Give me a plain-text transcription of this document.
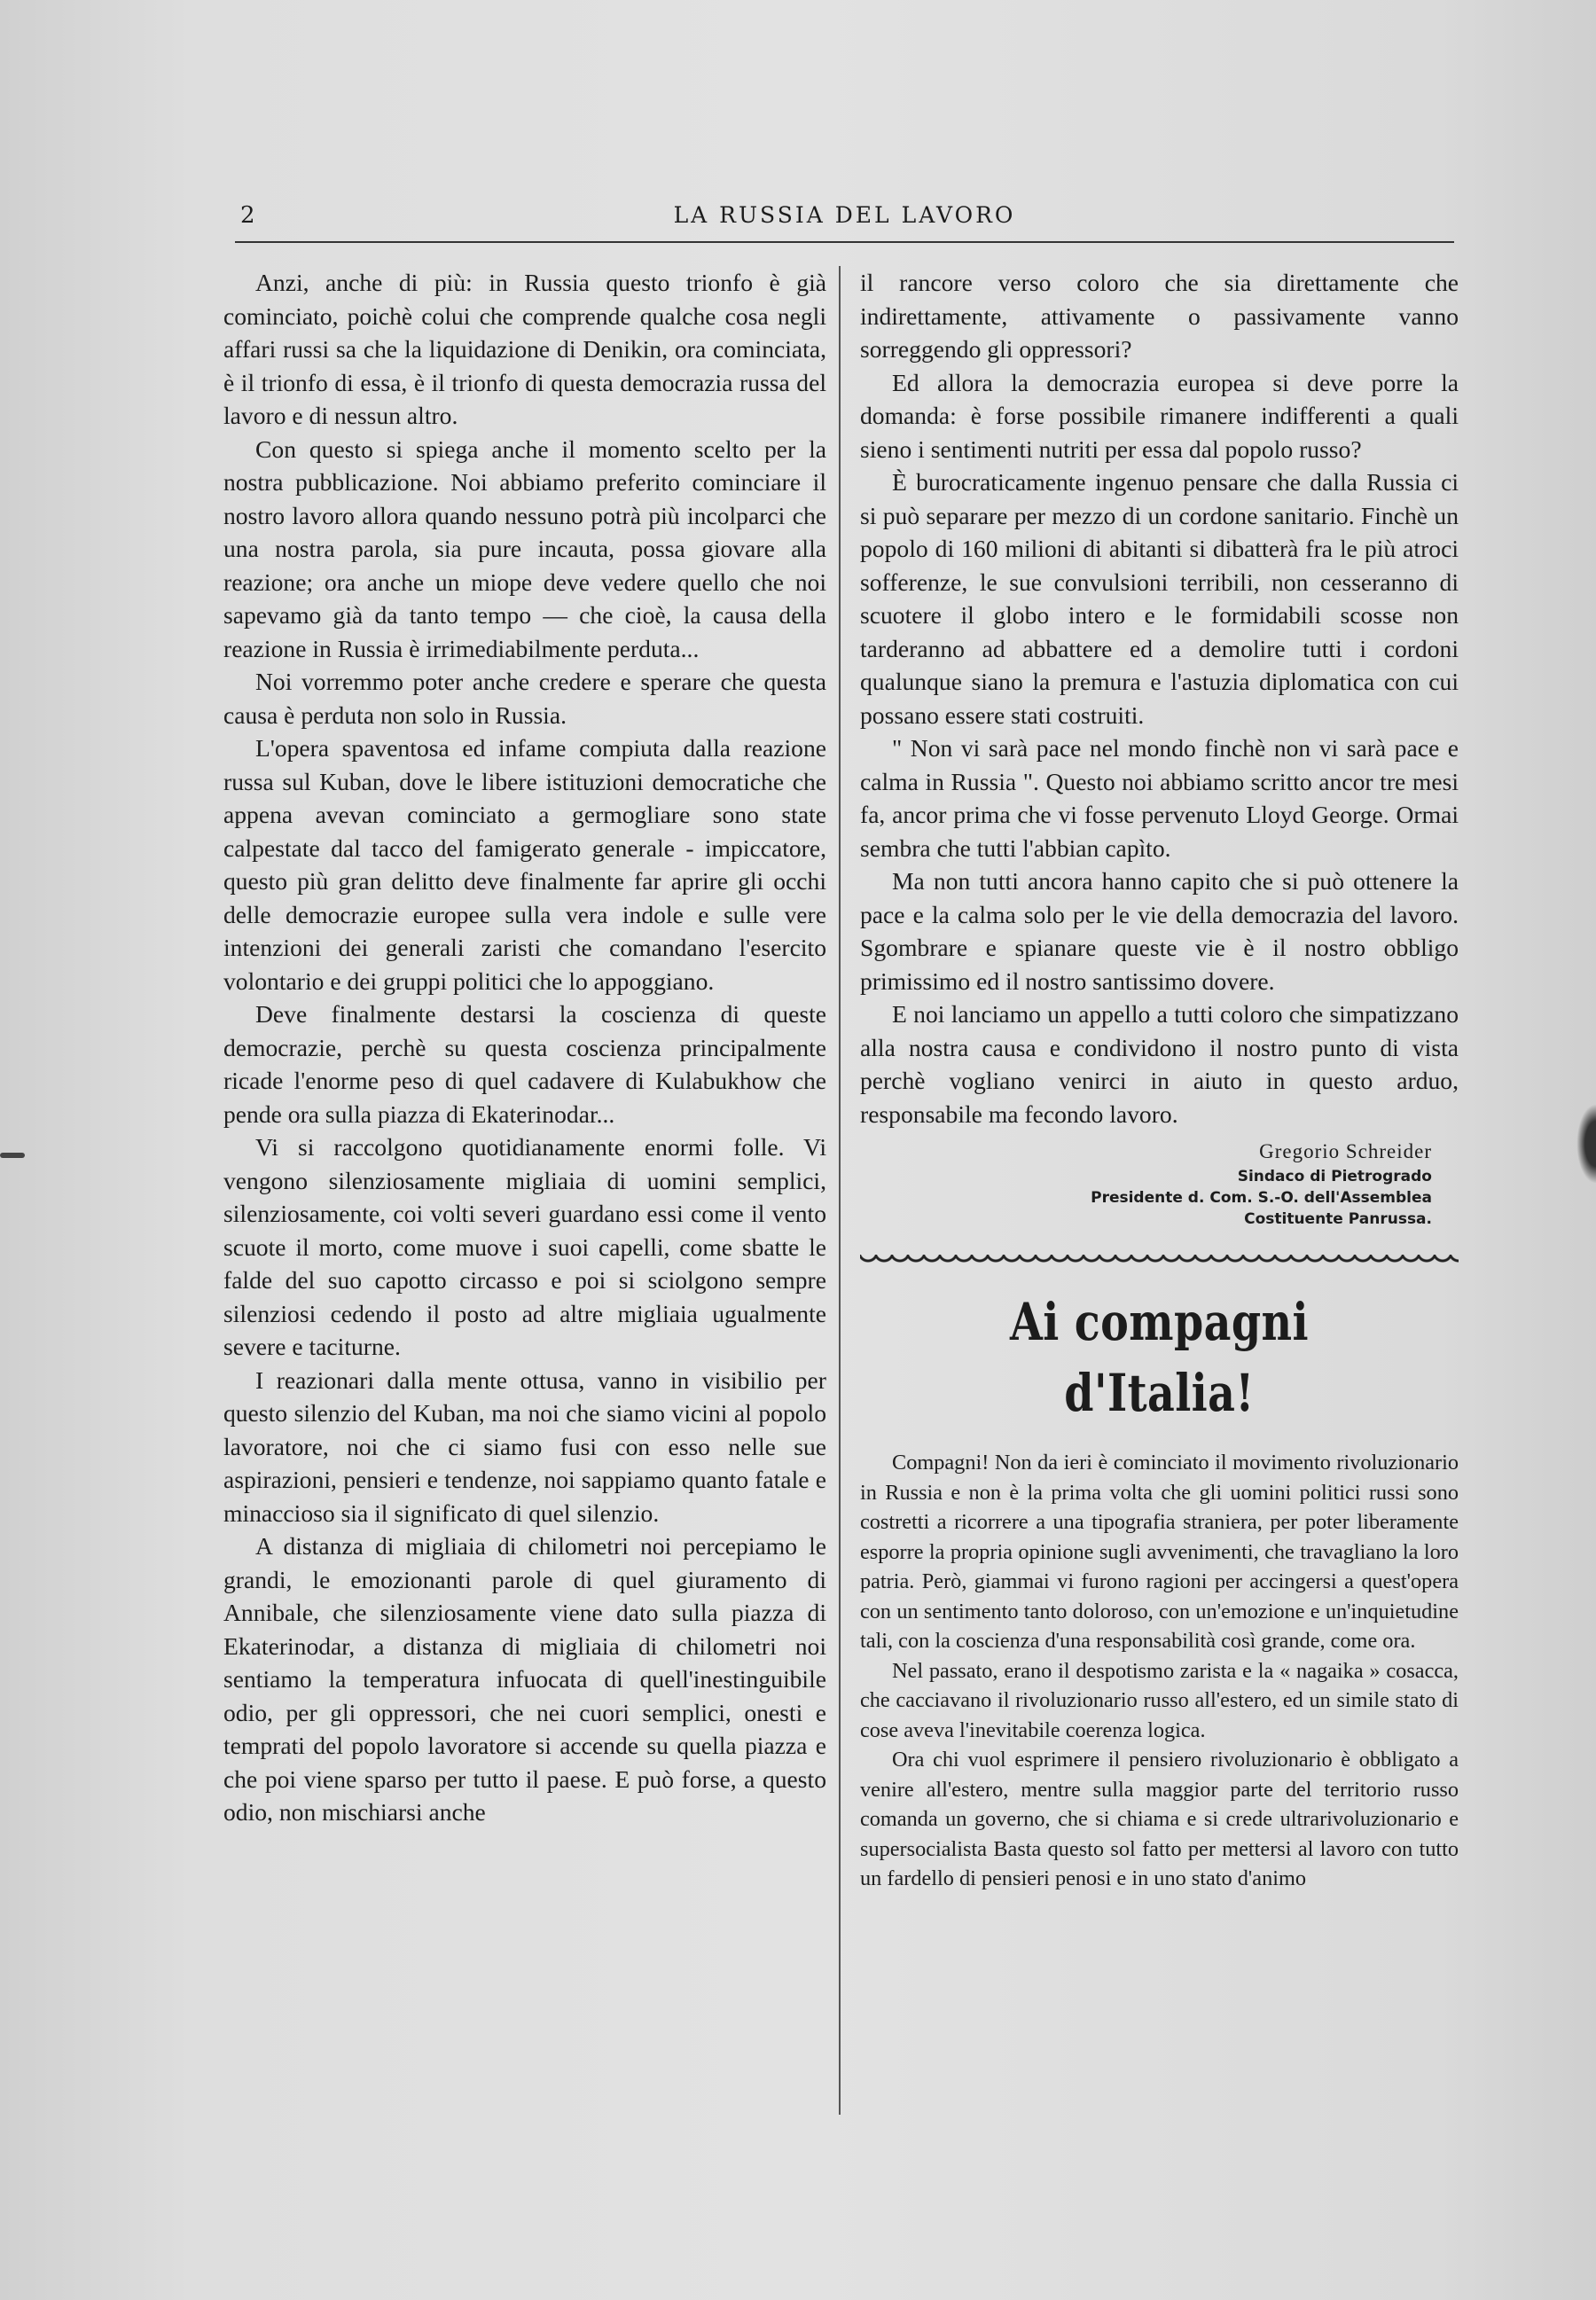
2	LA RUSSIA DEL LAVORO

Anzi, anche di più: in Russia questo trionfo è già cominciato, poichè colui che comprende qualche cosa negli affari russi sa che la liquidazione di Denikin, ora cominciata, è il trionfo di essa, è il trionfo di questa democrazia russa del lavoro e di nessun altro.

Con questo si spiega anche il momento scelto per la nostra pubblicazione. Noi abbiamo preferito cominciare il nostro lavoro allora quando nessuno potrà più incolparci che una nostra parola, sia pure incauta, possa giovare alla reazione; ora anche un miope deve vedere quello che noi sapevamo già da tanto tempo — che cioè, la causa della reazione in Russia è irrimediabilmente perduta...

Noi vorremmo poter anche credere e sperare che questa causa è perduta non solo in Russia.

L'opera spaventosa ed infame compiuta dalla reazione russa sul Kuban, dove le libere istituzioni democratiche che appena avevan cominciato a germogliare sono state calpestate dal tacco del famigerato generale - impiccatore, questo più gran delitto deve finalmente far aprire gli occhi delle democrazie europee sulla vera indole e sulle vere intenzioni dei generali zaristi che comandano l'esercito volontario e dei gruppi politici che lo appoggiano.

Deve finalmente destarsi la coscienza di queste democrazie, perchè su questa coscienza principalmente ricade l'enorme peso di quel cadavere di Kulabukhow che pende ora sulla piazza di Ekaterinodar...

Vi si raccolgono quotidianamente enormi folle. Vi vengono silenziosamente migliaia di uomini semplici, silenziosamente, coi volti severi guardano essi come il vento scuote il morto, come muove i suoi capelli, come sbatte le falde del suo capotto circasso e poi si sciolgono sempre silenziosi cedendo il posto ad altre migliaia ugualmente severe e taciturne.

I reazionari dalla mente ottusa, vanno in visibilio per questo silenzio del Kuban, ma noi che siamo vicini al popolo lavoratore, noi che ci siamo fusi con esso nelle sue aspirazioni, pensieri e tendenze, noi sappiamo quanto fatale e minaccioso sia il significato di quel silenzio.

A distanza di migliaia di chilometri noi percepiamo le grandi, le emozionanti parole di quel giuramento di Annibale, che silenziosamente viene dato sulla piazza di Ekaterinodar, a distanza di migliaia di chilometri noi sentiamo la temperatura infuocata di quell'inestinguibile odio, per gli oppressori, che nei cuori semplici, onesti e temprati del popolo lavoratore si accende su quella piazza e che poi viene sparso per tutto il paese. E può forse, a questo odio, non mischiarsi anche

il rancore verso coloro che sia direttamente che indirettamente, attivamente o passivamente vanno sorreggendo gli oppressori?

Ed allora la democrazia europea si deve porre la domanda: è forse possibile rimanere indifferenti a quali sieno i sentimenti nutriti per essa dal popolo russo?

È burocraticamente ingenuo pensare che dalla Russia ci si può separare per mezzo di un cordone sanitario. Finchè un popolo di 160 milioni di abitanti si dibatterà fra le più atroci sofferenze, le sue convulsioni terribili, non cesseranno di scuotere il globo intero e le formidabili scosse non tarderanno ad abbattere ed a demolire tutti i cordoni qualunque siano la premura e l'astuzia diplomatica con cui possano essere stati costruiti.

" Non vi sarà pace nel mondo finchè non vi sarà pace e calma in Russia ". Questo noi abbiamo scritto ancor tre mesi fa, ancor prima che vi fosse pervenuto Lloyd George. Ormai sembra che tutti l'abbian capìto.

Ma non tutti ancora hanno capito che si può ottenere la pace e la calma solo per le vie della democrazia del lavoro. Sgombrare e spianare queste vie è il nostro obbligo primissimo ed il nostro santissimo dovere.

E noi lanciamo un appello a tutti coloro che simpatizzano alla nostra causa e condividono il nostro punto di vista perchè vogliano venirci in aiuto in questo arduo, responsabile ma fecondo lavoro.

Gregorio Schreider
Sindaco di Pietrogrado
Presidente d. Com. S.-O. dell'Assemblea
Costituente Panrussa.
Ai compagni d'Italia!

Compagni! Non da ieri è cominciato il movimento rivoluzionario in Russia e non è la prima volta che gli uomini politici russi sono costretti a ricorrere a una tipografia straniera, per poter liberamente esporre la propria opinione sugli avvenimenti, che travagliano la loro patria. Però, giammai vi furono ragioni per accingersi a quest'opera con un sentimento tanto doloroso, con un'emozione e un'inquietudine tali, con la coscienza d'una responsabilità così grande, come ora.

Nel passato, erano il despotismo zarista e la « nagaika » cosacca, che cacciavano il rivoluzionario russo all'estero, ed un simile stato di cose aveva l'inevitabile coerenza logica.

Ora chi vuol esprimere il pensiero rivoluzionario è obbligato a venire all'estero, mentre sulla maggior parte del territorio russo comanda un governo, che si chiama e si crede ultrarivoluzionario e supersocialista Basta questo sol fatto per mettersi al lavoro con tutto un fardello di pensieri penosi e in uno stato d'animo
